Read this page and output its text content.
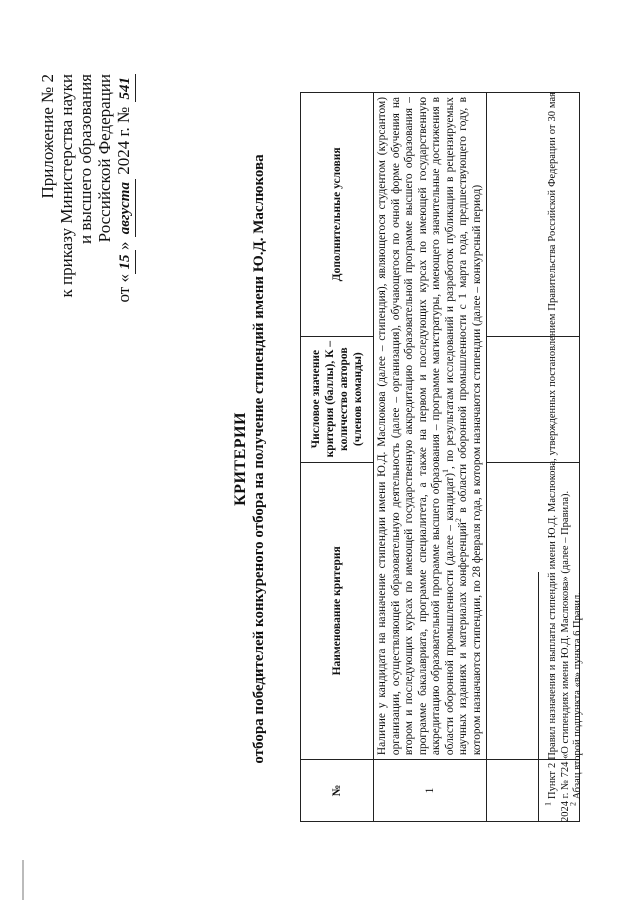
Приложение № 2 к приказу Министерства науки и высшего образования Российской Федерации
от «15» августа 2024 г. № 541
КРИТЕРИИ отбора победителей конкуреного отбора на получение стипендий имени Ю.Д. Маслюкова
№	Наименование критерия	Числовое значение критерия (баллы), К – количество авторов (членов команды)	Дополнительные условия
1	Наличие у кандидата на назначение стипендии имени Ю.Д. Маслюкова (далее – стипендия), являющегося студентом (курсантом) организации, осуществляющей образовательную деятельность (далее – организация), обучающегося по очной форме обучения на втором и последующих курсах по имеющей государственную аккредитацию образовательной программе высшего образования – программе бакалавриата, программе специалитета, а также на первом и последующих курсах по имеющей государственную аккредитацию образовательной программе высшего образования – программе магистратуры, имеющего значительные достижения в области оборонной промышленности (далее – кандидат)$^1$, по результатам исследований и разработок публикации в рецензируемых научных изданиях и материалах конференций$^2$ в области оборонной промышленности с 1 марта года, предшествующего году, в котором назначаются стипендии, по 28 февраля года, в котором назначаются стипендии (далее – конкурсный период)		

$^1$ Пункт 2 Правил назначения и выплаты стипендий имени Ю.Д. Маслюкова, утвержденных постановлением Правительства Российской Федерации от 30 мая 2024 г. № 724 «О стипендиях имени Ю.Д. Маслюкова» (далее – Правила).

$^2$ Абзац второй подпункта «в» пункта 6 Правил.
